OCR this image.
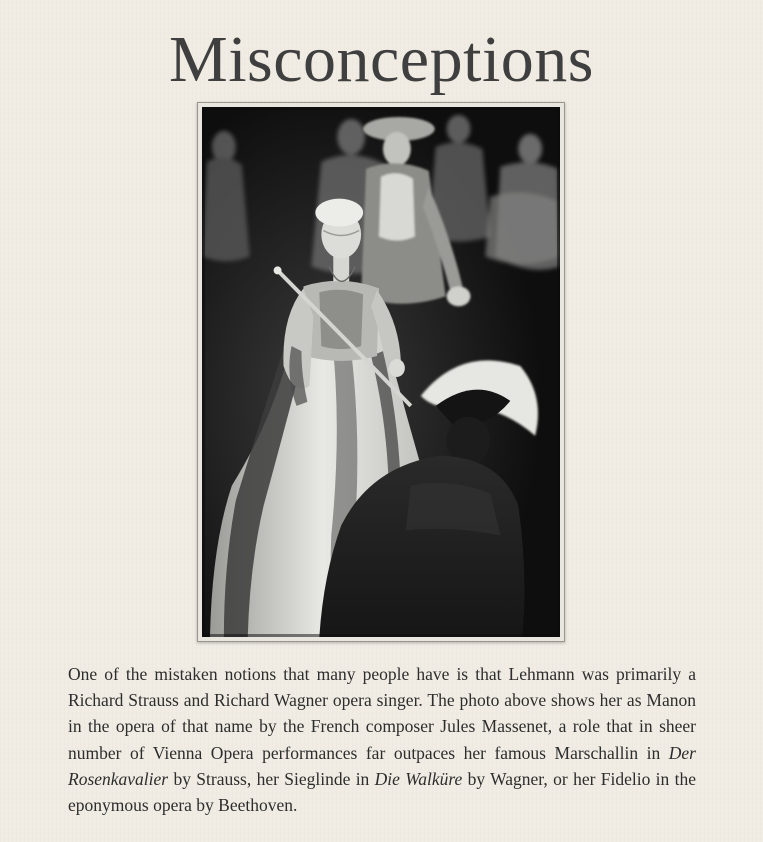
Misconceptions

One of the mistaken notions that many people have is that Lehmann was primarily a Richard Strauss and Richard Wagner opera singer. The photo above shows her as Manon in the opera of that name by the French composer Jules Massenet, a role that in sheer number of Vienna Opera performances far outpaces her famous Marschallin in Der Rosenkavalier by Strauss, her Sieglinde in Die Walküre by Wagner, or her Fidelio in the eponymous opera by Beethoven.
